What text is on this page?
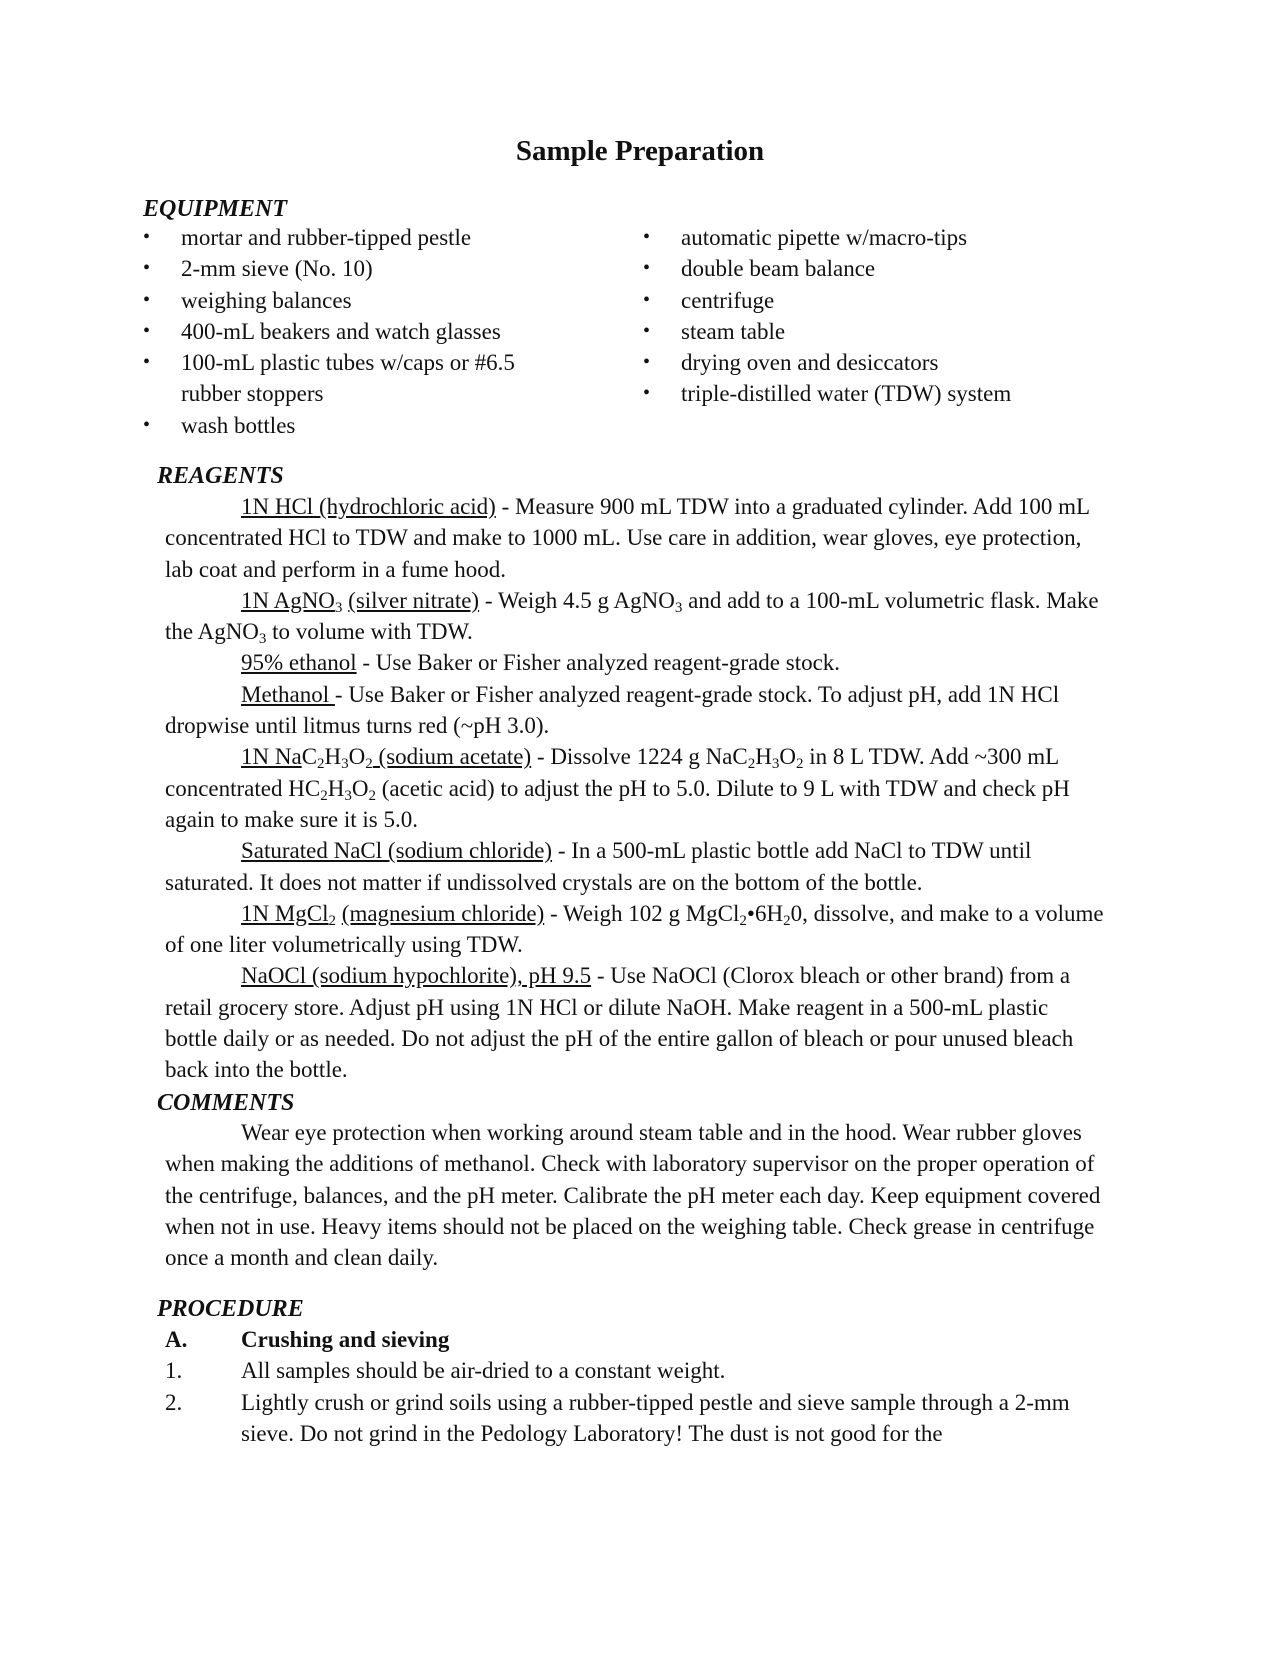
Sample Preparation
EQUIPMENT
•	mortar and rubber-tipped pestle
•	2-mm sieve (No. 10)
•	weighing balances
•	400-mL beakers and watch glasses
•	100-mL plastic tubes w/caps or #6.5 rubber stoppers
•	wash bottles
•	automatic pipette w/macro-tips
•	double beam balance
•	centrifuge
•	steam table
•	drying oven and desiccators
•	triple-distilled water (TDW) system
REAGENTS

1N HCl (hydrochloric acid) - Measure 900 mL TDW into a graduated cylinder. Add 100 mL concentrated HCl to TDW and make to 1000 mL. Use care in addition, wear gloves, eye protection, lab coat and perform in a fume hood.

1N AgNO$_3$ (silver nitrate) - Weigh 4.5 g AgNO$_3$ and add to a 100-mL volumetric flask. Make the AgNO$_3$ to volume with TDW.

95% ethanol - Use Baker or Fisher analyzed reagent-grade stock.

Methanol - Use Baker or Fisher analyzed reagent-grade stock. To adjust pH, add 1N HCl dropwise until litmus turns red (~pH 3.0).

1N $NaC_2H_3O_2$ (sodium acetate) - Dissolve 1224 g $NaC_2H_3O_2$ in 8 L TDW. Add ~300 mL concentrated $HC_2H_3O_2$ (acetic acid) to adjust the pH to 5.0. Dilute to 9 L with TDW and check pH again to make sure it is 5.0.

Saturated NaCl (sodium chloride) - In a 500-mL plastic bottle add NaCl to TDW until saturated. It does not matter if undissolved crystals are on the bottom of the bottle.

1N MgCl$_2$ (magnesium chloride) - Weigh 102 g $MgCl_2•6H_20$, dissolve, and make to a volume of one liter volumetrically using TDW.

NaOCl (sodium hypochlorite), pH 9.5 - Use NaOCl (Clorox bleach or other brand) from a retail grocery store. Adjust pH using 1N HCl or dilute NaOH. Make reagent in a 500-mL plastic bottle daily or as needed. Do not adjust the pH of the entire gallon of bleach or pour unused bleach back into the bottle.

COMMENTS

Wear eye protection when working around steam table and in the hood. Wear rubber gloves when making the additions of methanol. Check with laboratory supervisor on the proper operation of the centrifuge, balances, and the pH meter. Calibrate the pH meter each day. Keep equipment covered when not in use. Heavy items should not be placed on the weighing table. Check grease in centrifuge once a month and clean daily.

PROCEDURE
A. Crushing and sieving
1.	All samples should be air-dried to a constant weight.
2.	Lightly crush or grind soils using a rubber-tipped pestle and sieve sample through a 2-mm sieve. Do not grind in the Pedology Laboratory! The dust is not good for the
